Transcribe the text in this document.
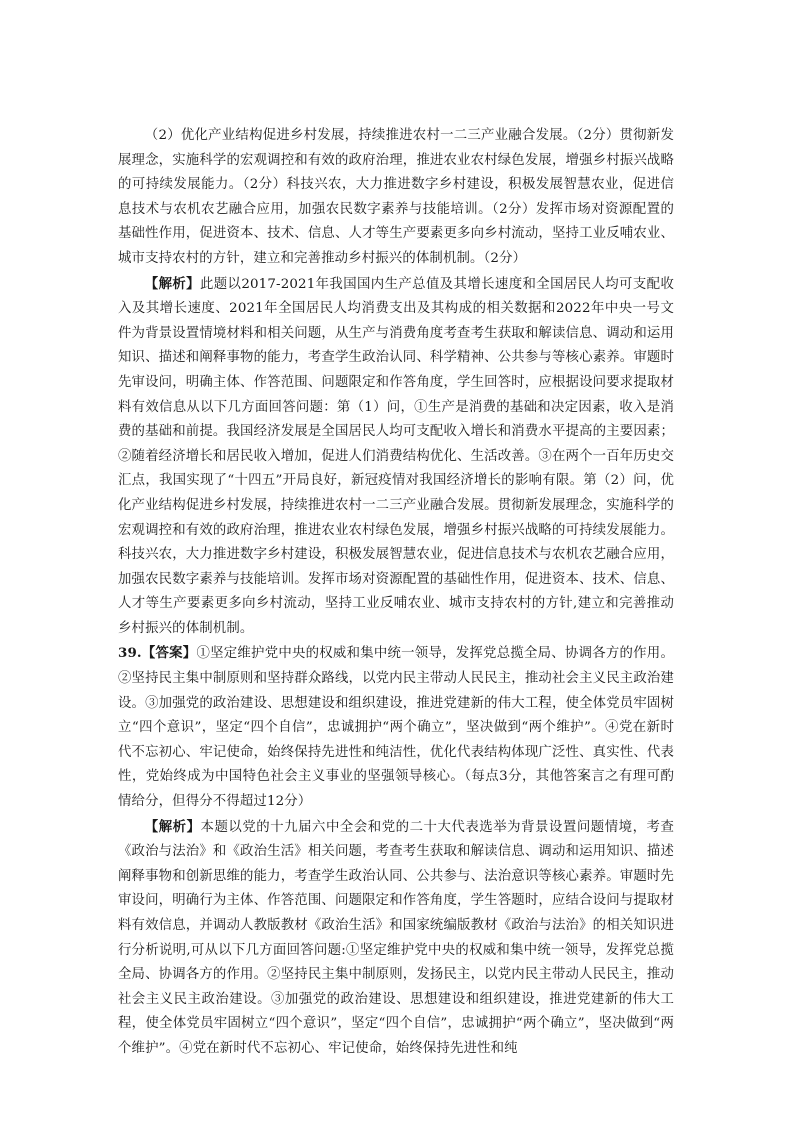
（2）优化产业结构促进乡村发展，持续推进农村一二三产业融合发展。（2分）贯彻新发展理念，实施科学的宏观调控和有效的政府治理，推进农业农村绿色发展，增强乡村振兴战略的可持续发展能力。（2分）科技兴农，大力推进数字乡村建设，积极发展智慧农业，促进信息技术与农机农艺融合应用，加强农民数字素养与技能培训。（2分）发挥市场对资源配置的基础性作用，促进资本、技术、信息、人才等生产要素更多向乡村流动，坚持工业反哺农业、城市支持农村的方针，建立和完善推动乡村振兴的体制机制。（2分）

【解析】此题以2017-2021年我国国内生产总值及其增长速度和全国居民人均可支配收入及其增长速度、2021年全国居民人均消费支出及其构成的相关数据和2022年中央一号文件为背景设置情境材料和相关问题，从生产与消费角度考查考生获取和解读信息、调动和运用知识、描述和阐释事物的能力，考查学生政治认同、科学精神、公共参与等核心素养。审题时先审设问，明确主体、作答范围、问题限定和作答角度，学生回答时，应根据设问要求提取材料有效信息从以下几方面回答问题：第（1）问，①生产是消费的基础和决定因素，收入是消费的基础和前提。我国经济发展是全国居民人均可支配收入增长和消费水平提高的主要因素；②随着经济增长和居民收入增加，促进人们消费结构优化、生活改善。③在两个一百年历史交汇点，我国实现了“十四五”开局良好，新冠疫情对我国经济增长的影响有限。第（2）问，优化产业结构促进乡村发展，持续推进农村一二三产业融合发展。贯彻新发展理念，实施科学的宏观调控和有效的政府治理，推进农业农村绿色发展，增强乡村振兴战略的可持续发展能力。科技兴农，大力推进数字乡村建设，积极发展智慧农业，促进信息技术与农机农艺融合应用，加强农民数字素养与技能培训。发挥市场对资源配置的基础性作用，促进资本、技术、信息、人才等生产要素更多向乡村流动，坚持工业反哺农业、城市支持农村的方针,建立和完善推动乡村振兴的体制机制。

39.【答案】①坚定维护党中央的权威和集中统一领导，发挥党总揽全局、协调各方的作用。②坚持民主集中制原则和坚持群众路线，以党内民主带动人民民主，推动社会主义民主政治建设。③加强党的政治建设、思想建设和组织建设，推进党建新的伟大工程，使全体党员牢固树立“四个意识”，坚定“四个自信”，忠诚拥护“两个确立”，坚决做到“两个维护”。④党在新时代不忘初心、牢记使命，始终保持先进性和纯洁性，优化代表结构体现广泛性、真实性、代表性，党始终成为中国特色社会主义事业的坚强领导核心。（每点3分，其他答案言之有理可酌情给分，但得分不得超过12分）

【解析】本题以党的十九届六中全会和党的二十大代表选举为背景设置问题情境，考查《政治与法治》和《政治生活》相关问题，考查考生获取和解读信息、调动和运用知识、描述阐释事物和创新思维的能力，考查学生政治认同、公共参与、法治意识等核心素养。审题时先审设问，明确行为主体、作答范围、问题限定和作答角度，学生答题时，应结合设问与提取材料有效信息，并调动人教版教材《政治生活》和国家统编版教材《政治与法治》的相关知识进行分析说明,可从以下几方面回答问题:①坚定维护党中央的权威和集中统一领导，发挥党总揽全局、协调各方的作用。②坚持民主集中制原则，发扬民主，以党内民主带动人民民主，推动社会主义民主政治建设。③加强党的政治建设、思想建设和组织建设，推进党建新的伟大工程，使全体党员牢固树立“四个意识”，坚定“四个自信”，忠诚拥护“两个确立”，坚决做到“两个维护”。④党在新时代不忘初心、牢记使命，始终保持先进性和纯
